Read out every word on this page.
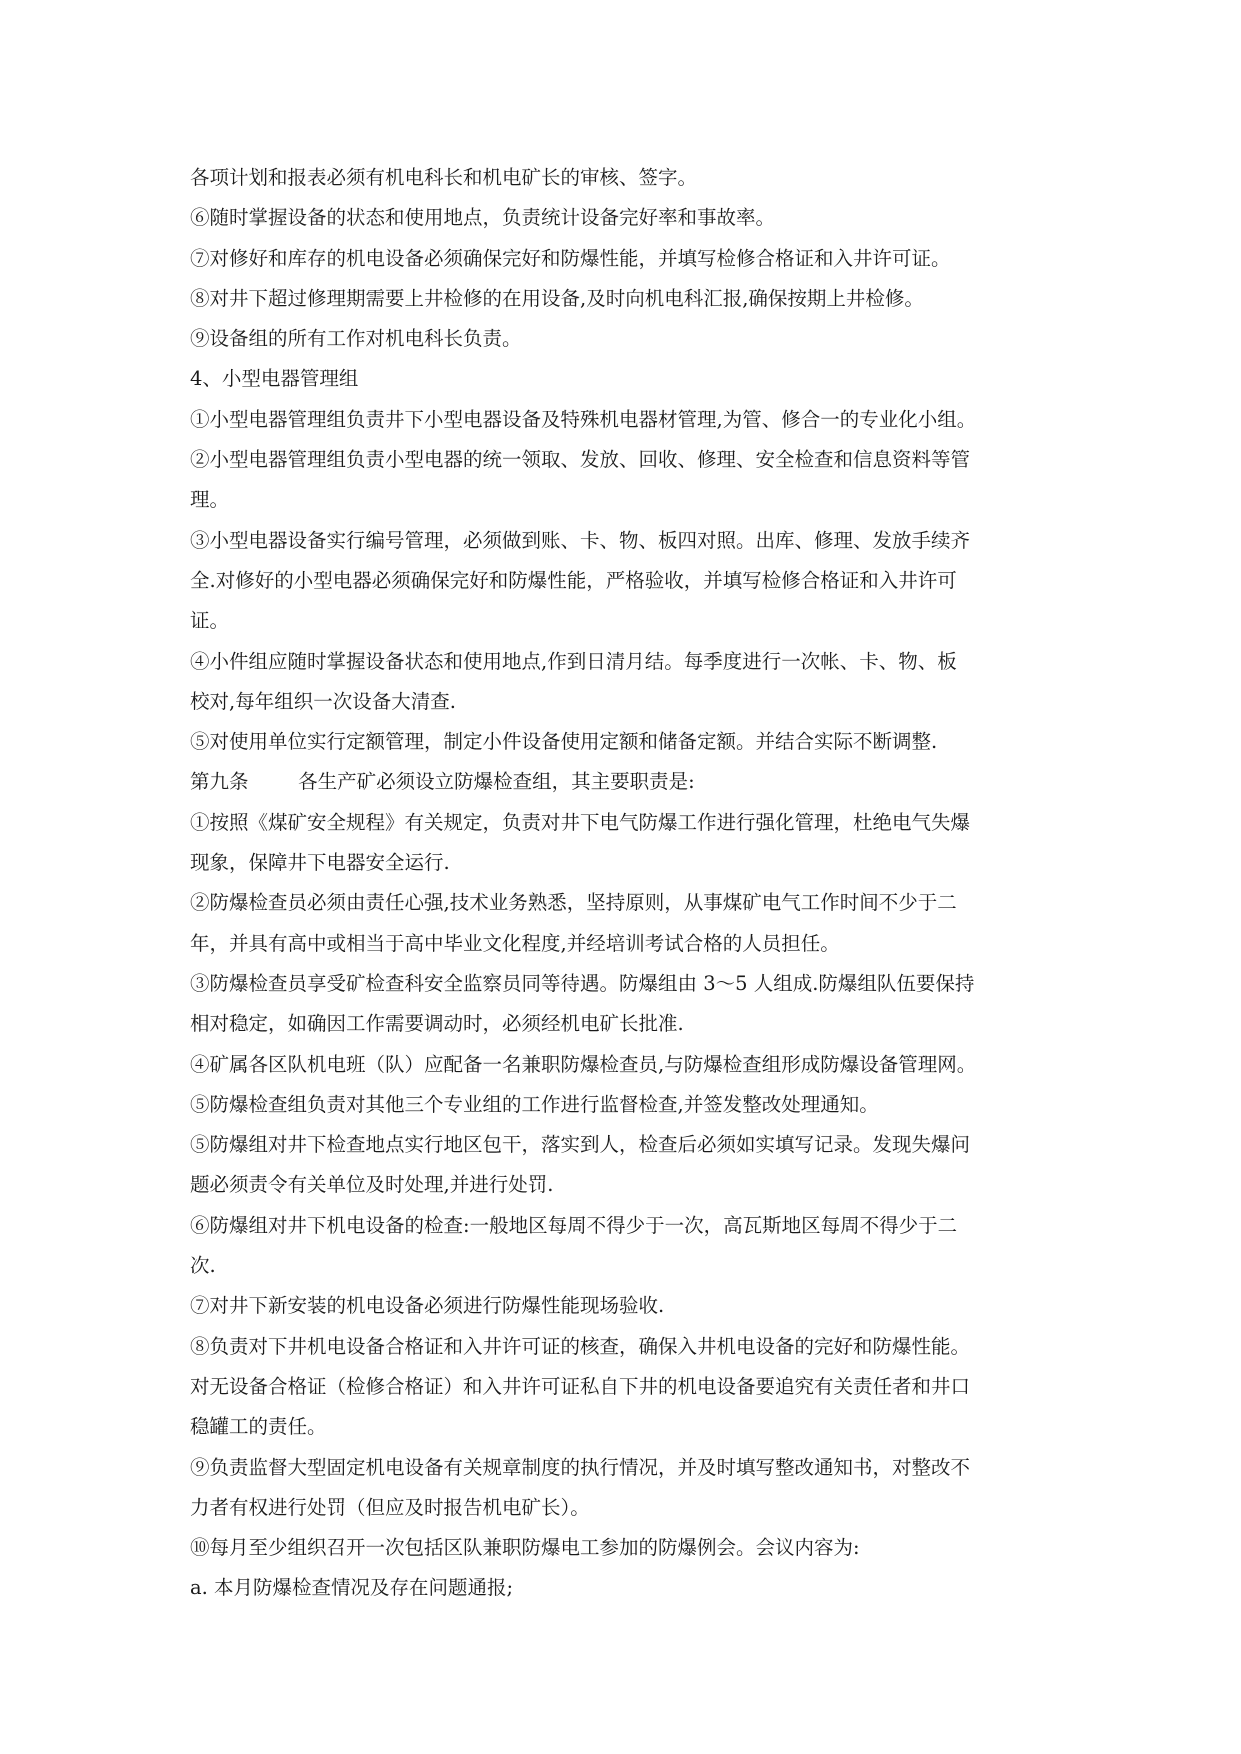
各项计划和报表必须有机电科长和机电矿长的审核、签字。
⑥随时掌握设备的状态和使用地点，负责统计设备完好率和事故率。
⑦对修好和库存的机电设备必须确保完好和防爆性能，并填写检修合格证和入井许可证。
⑧对井下超过修理期需要上井检修的在用设备,及时向机电科汇报,确保按期上井检修。
⑨设备组的所有工作对机电科长负责。
4、小型电器管理组
①小型电器管理组负责井下小型电器设备及特殊机电器材管理,为管、修合一的专业化小组。
②小型电器管理组负责小型电器的统一领取、发放、回收、修理、安全检查和信息资料等管
理。
③小型电器设备实行编号管理，必须做到账、卡、物、板四对照。出库、修理、发放手续齐
全.对修好的小型电器必须确保完好和防爆性能，严格验收，并填写检修合格证和入井许可
证。
④小件组应随时掌握设备状态和使用地点,作到日清月结。每季度进行一次帐、卡、物、板
校对,每年组织一次设备大清查.
⑤对使用单位实行定额管理，制定小件设备使用定额和储备定额。并结合实际不断调整.
第九条        各生产矿必须设立防爆检查组，其主要职责是:
①按照《煤矿安全规程》有关规定，负责对井下电气防爆工作进行强化管理，杜绝电气失爆
现象，保障井下电器安全运行.
②防爆检查员必须由责任心强,技术业务熟悉，坚持原则，从事煤矿电气工作时间不少于二
年，并具有高中或相当于高中毕业文化程度,并经培训考试合格的人员担任。
③防爆检查员享受矿检查科安全监察员同等待遇。防爆组由 3～5 人组成.防爆组队伍要保持
相对稳定，如确因工作需要调动时，必须经机电矿长批准.
④矿属各区队机电班（队）应配备一名兼职防爆检查员,与防爆检查组形成防爆设备管理网。
⑤防爆检查组负责对其他三个专业组的工作进行监督检查,并签发整改处理通知。
⑤防爆组对井下检查地点实行地区包干，落实到人，检查后必须如实填写记录。发现失爆问
题必须责令有关单位及时处理,并进行处罚.
⑥防爆组对井下机电设备的检查:一般地区每周不得少于一次，高瓦斯地区每周不得少于二
次.
⑦对井下新安装的机电设备必须进行防爆性能现场验收.
⑧负责对下井机电设备合格证和入井许可证的核查，确保入井机电设备的完好和防爆性能。
对无设备合格证（检修合格证）和入井许可证私自下井的机电设备要追究有关责任者和井口
稳罐工的责任。
⑨负责监督大型固定机电设备有关规章制度的执行情况，并及时填写整改通知书，对整改不
力者有权进行处罚（但应及时报告机电矿长）。
⑩每月至少组织召开一次包括区队兼职防爆电工参加的防爆例会。会议内容为:
a. 本月防爆检查情况及存在问题通报;
